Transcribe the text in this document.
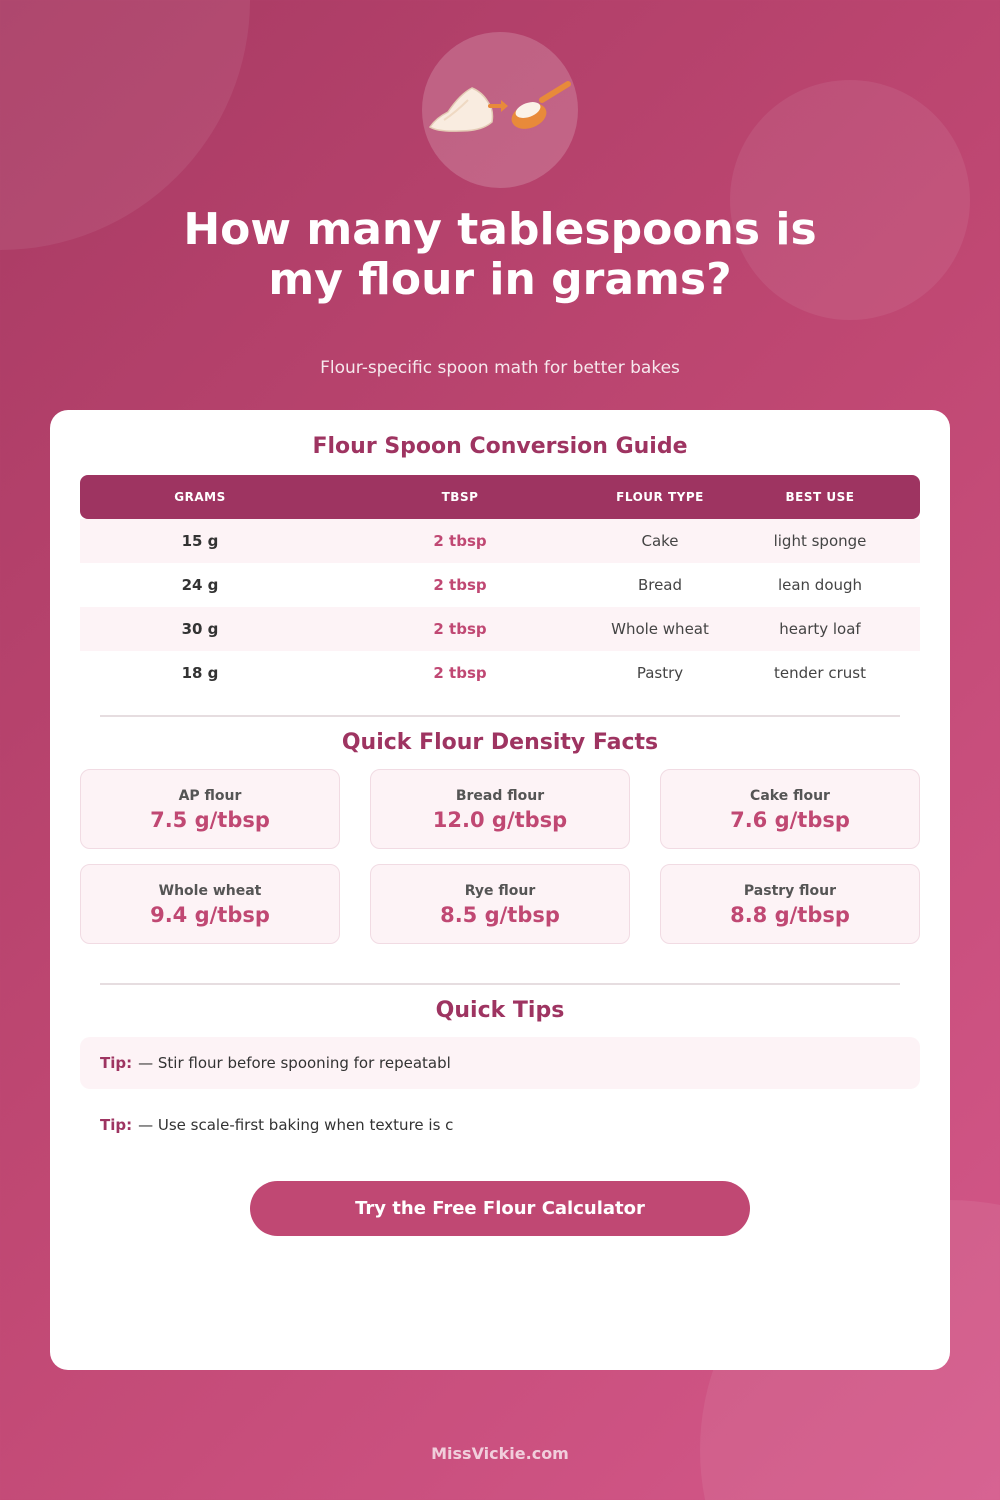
How many tablespoons is
my flour in grams?
Flour-specific spoon math for better bakes
Flour Spoon Conversion Guide
GRAMS	TBSP	FLOUR TYPE	BEST USE
15 g	2 tbsp	Cake	light sponge
24 g	2 tbsp	Bread	lean dough
30 g	2 tbsp	Whole wheat	hearty loaf
18 g	2 tbsp	Pastry	tender crust
Quick Flour Density Facts
AP flour
7.5 g/tbsp
Bread flour
12.0 g/tbsp
Cake flour
7.6 g/tbsp
Whole wheat
9.4 g/tbsp
Rye flour
8.5 g/tbsp
Pastry flour
8.8 g/tbsp
Quick Tips
Tip: — Stir flour before spooning for repeatabl
Tip: — Use scale-first baking when texture is c
Try the Free Flour Calculator
MissVickie.com
